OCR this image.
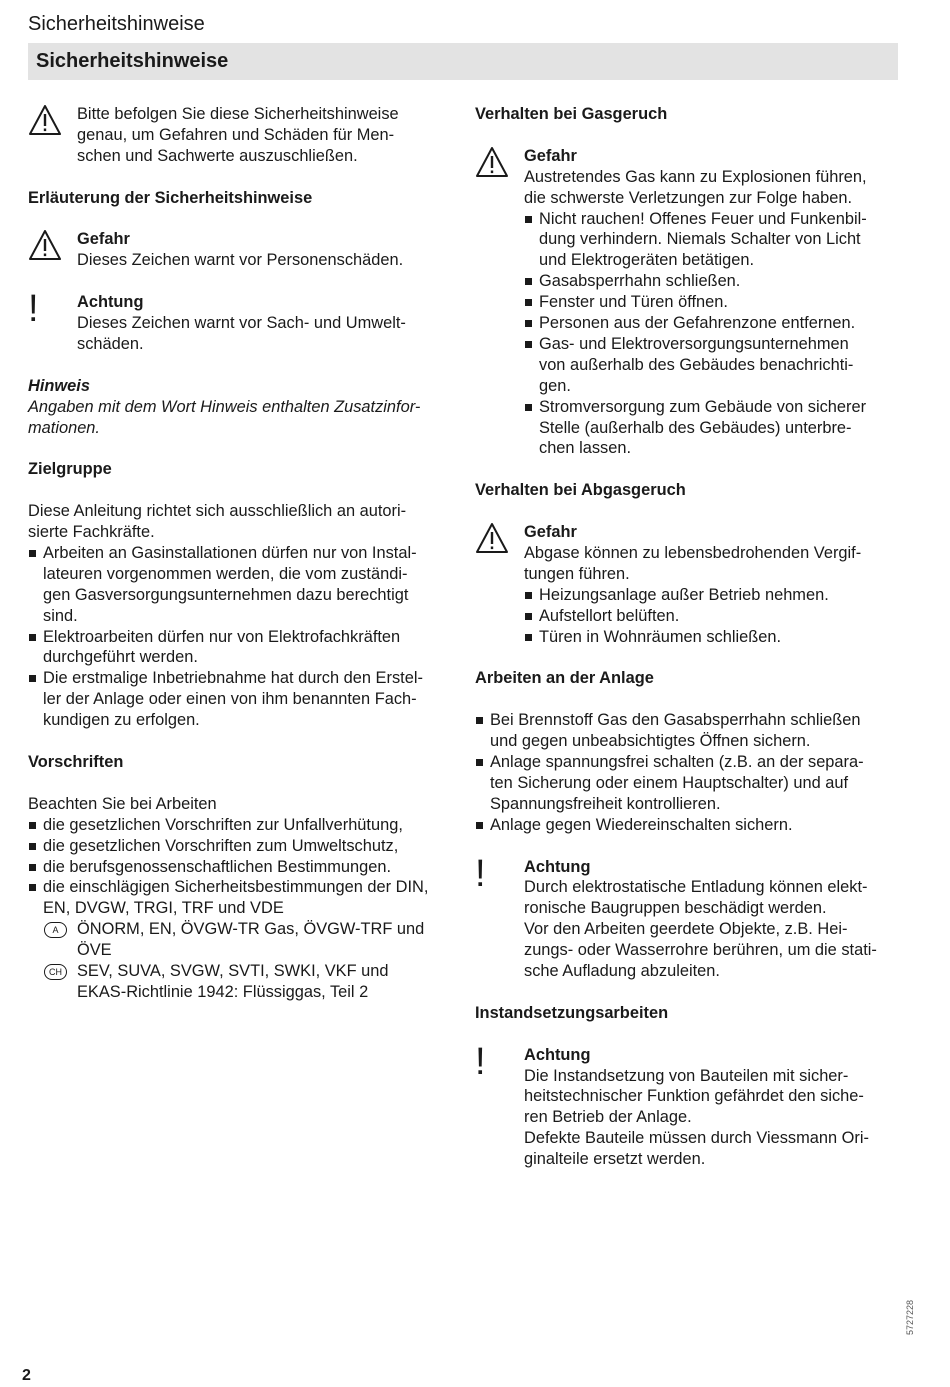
Sicherheitshinweise
Sicherheitshinweise

Bitte befolgen Sie diese Sicherheitshinweise
genau, um Gefahren und Schäden für Men-
schen und Sachwerte auszuschließen.

Erläuterung der Sicherheitshinweise

Gefahr

Dieses Zeichen warnt vor Personenschäden.

!	Achtung

Dieses Zeichen warnt vor Sach- und Umwelt-
schäden.

Hinweis

Angaben mit dem Wort Hinweis enthalten Zusatzinfor-
mationen.

Zielgruppe

Diese Anleitung richtet sich ausschließlich an autori-
sierte Fachkräfte.

Arbeiten an Gasinstallationen dürfen nur von Instal-
lateuren vorgenommen werden, die vom zuständi-
gen Gasversorgungsunternehmen dazu berechtigt
sind.
Elektroarbeiten dürfen nur von Elektrofachkräften
durchgeführt werden.
Die erstmalige Inbetriebnahme hat durch den Erstel-
ler der Anlage oder einen von ihm benannten Fach-
kundigen zu erfolgen.

Vorschriften

Beachten Sie bei Arbeiten

die gesetzlichen Vorschriften zur Unfallverhütung,
die gesetzlichen Vorschriften zum Umweltschutz,
die berufsgenossenschaftlichen Bestimmungen.
die einschlägigen Sicherheitsbestimmungen der DIN,
EN, DVGW, TRGI, TRF und VDE
A	ÖNORM, EN, ÖVGW-TR Gas, ÖVGW-TRF und
ÖVE

CH SEV, SUVA, SVGW, SVTI, SWKI, VKF und
EKAS-Richtlinie 1942: Flüssiggas, Teil 2

Verhalten bei Gasgeruch

Gefahr

Austretendes Gas kann zu Explosionen führen,
die schwerste Verletzungen zur Folge haben.

Nicht rauchen! Offenes Feuer und Funkenbil-
dung verhindern. Niemals Schalter von Licht
und Elektrogeräten betätigen.
Gasabsperrhahn schließen.
Fenster und Türen öffnen.
Personen aus der Gefahrenzone entfernen.
Gas- und Elektroversorgungsunternehmen
von außerhalb des Gebäudes benachrichti-
gen.
Stromversorgung zum Gebäude von sicherer
Stelle (außerhalb des Gebäudes) unterbre-
chen lassen.

Verhalten bei Abgasgeruch

Gefahr

Abgase können zu lebensbedrohenden Vergif-
tungen führen.

Heizungsanlage außer Betrieb nehmen.
Aufstellort belüften.
Türen in Wohnräumen schließen.

Arbeiten an der Anlage

Bei Brennstoff Gas den Gasabsperrhahn schließen
und gegen unbeabsichtigtes Öffnen sichern.
Anlage spannungsfrei schalten (z.B. an der separa-
ten Sicherung oder einem Hauptschalter) und auf
Spannungsfreiheit kontrollieren.
Anlage gegen Wiedereinschalten sichern.
!	Achtung

Durch elektrostatische Entladung können elekt-
ronische Baugruppen beschädigt werden.
Vor den Arbeiten geerdete Objekte, z.B. Hei-
zungs- oder Wasserrohre berühren, um die stati-
sche Aufladung abzuleiten.

Instandsetzungsarbeiten

!	Achtung

Die Instandsetzung von Bauteilen mit sicher-
heitstechnischer Funktion gefährdet den siche-
ren Betrieb der Anlage.
Defekte Bauteile müssen durch Viessmann Ori-
ginalteile ersetzt werden.

2
5727228
